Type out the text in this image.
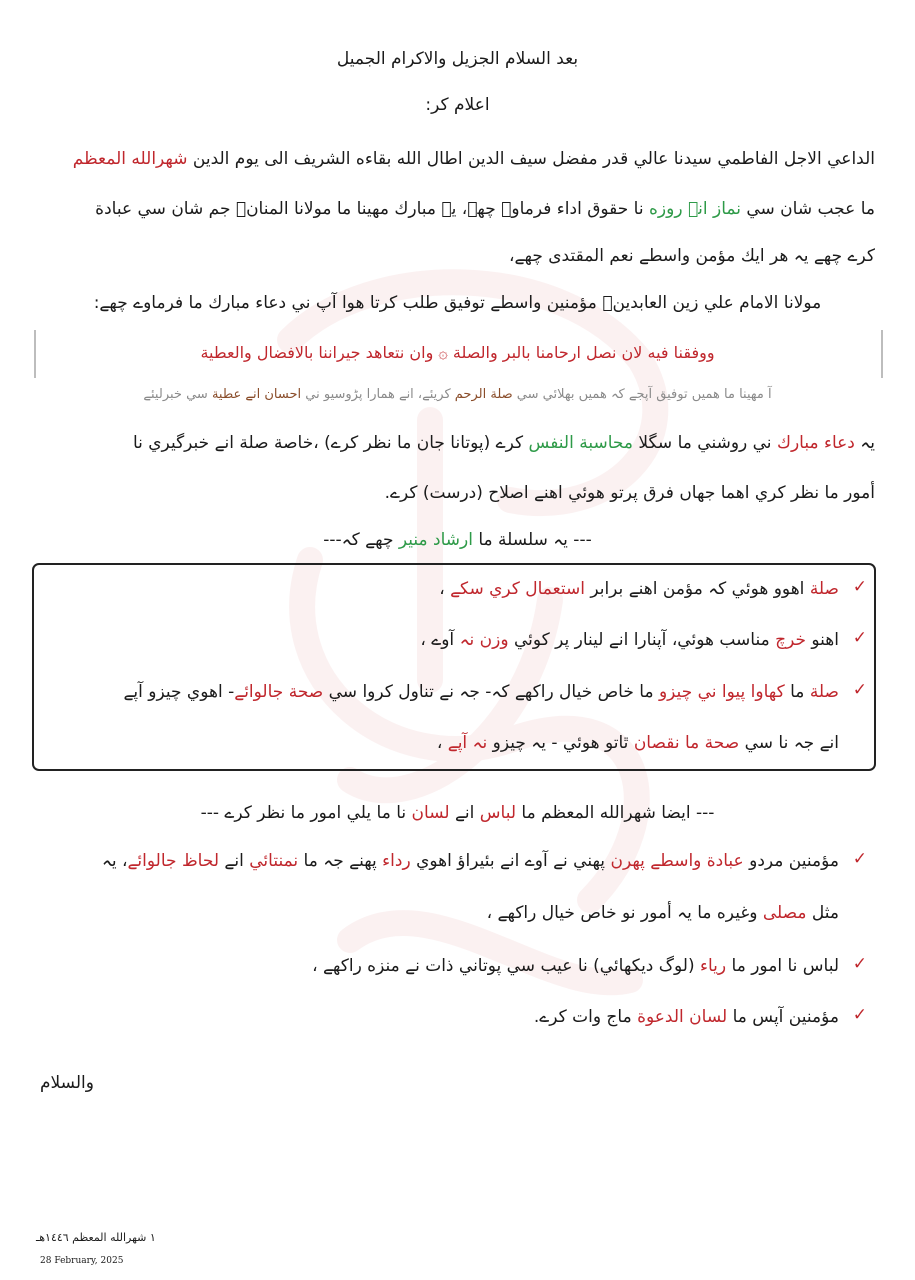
بعد السلام الجزيل والاكرام الجميل
اعلام كر:
الداعي الاجل الفاطمي سيدنا عالي قدر مفضل سيف الدين اطال الله بقاءه الشريف الى يوم الدين شهرالله المعظم
ما عجب شان سي نماز انے روزه نا حقوق اداء فرماوے چھے، يہ مبارك مهينا ما مولانا المنانؑ جم شان سي عبادة
كرے چھے يہ هر ايك مؤمن واسطے نعم المقتدى چھے،
مولانا الامام علي زين العابدينؑ مؤمنين واسطے توفيق طلب كرتا هوا آپ ني دعاء مبارك ما فرماوے چھے:
ووفقنا فيه لان نصل ارحامنا بالبر والصلة ۞ وان نتعاهد جيراننا بالافضال والعطية
آ مهينا ما هميں توفيق آپجے كہ هميں بهلائي سي صلة الرحم كريئے، انے همارا پڑوسيو ني احسان انے عطية سي خبرليئے
يہ دعاء مبارك ني روشني ما سگلا محاسبة النفس كرے (پوتانا جان ما نظر كرے) ،خاصة صلة انے خبرگيري نا
أمور ما نظر كري اهما جهاں فرق پرتو هوئي اهنے اصلاح (درست) كرے.
--- يہ سلسلة ما ارشاد منير چھے كہ---
✓
صلة اهوو هوئي كہ مؤمن اهنے برابر استعمال كري سكے ،
✓
اهنو خرچ مناسب هوئي، آپنارا انے لينار پر كوئي وزن نہ آوے ،
✓
صلة ما كهاوا پيوا ني چيزو ما خاص خيال راكھے كہ- جہ نے تناول كروا سي صحة جالوائے- اهوي چيزو آپے
انے جہ نا سي صحة ما نقصان ٿاتو هوئي - يہ چيزو نہ آپے ،
--- ايضا شهرالله المعظم ما لباس انے لسان نا ما يلي امور ما نظر كرے ---
✓
مؤمنين مردو عبادة واسطے پهرن پهني نے آوے انے بئيراؤ اهوي رداء پهنے جہ ما نمنتائي انے لحاظ جالوائے، يہ
مثل مصلى وغيره ما يہ أمور نو خاص خيال راكھے ،
✓
لباس نا امور ما رياء (لوگ ديكهائي) نا عيب سي پوتاني ذات نے منزه راكھے ،
✓
مؤمنين آپس ما لسان الدعوة ماج وات كرے.
والسلام
١ شهرالله المعظم ١٤٤٦هـ
28 February, 2025
